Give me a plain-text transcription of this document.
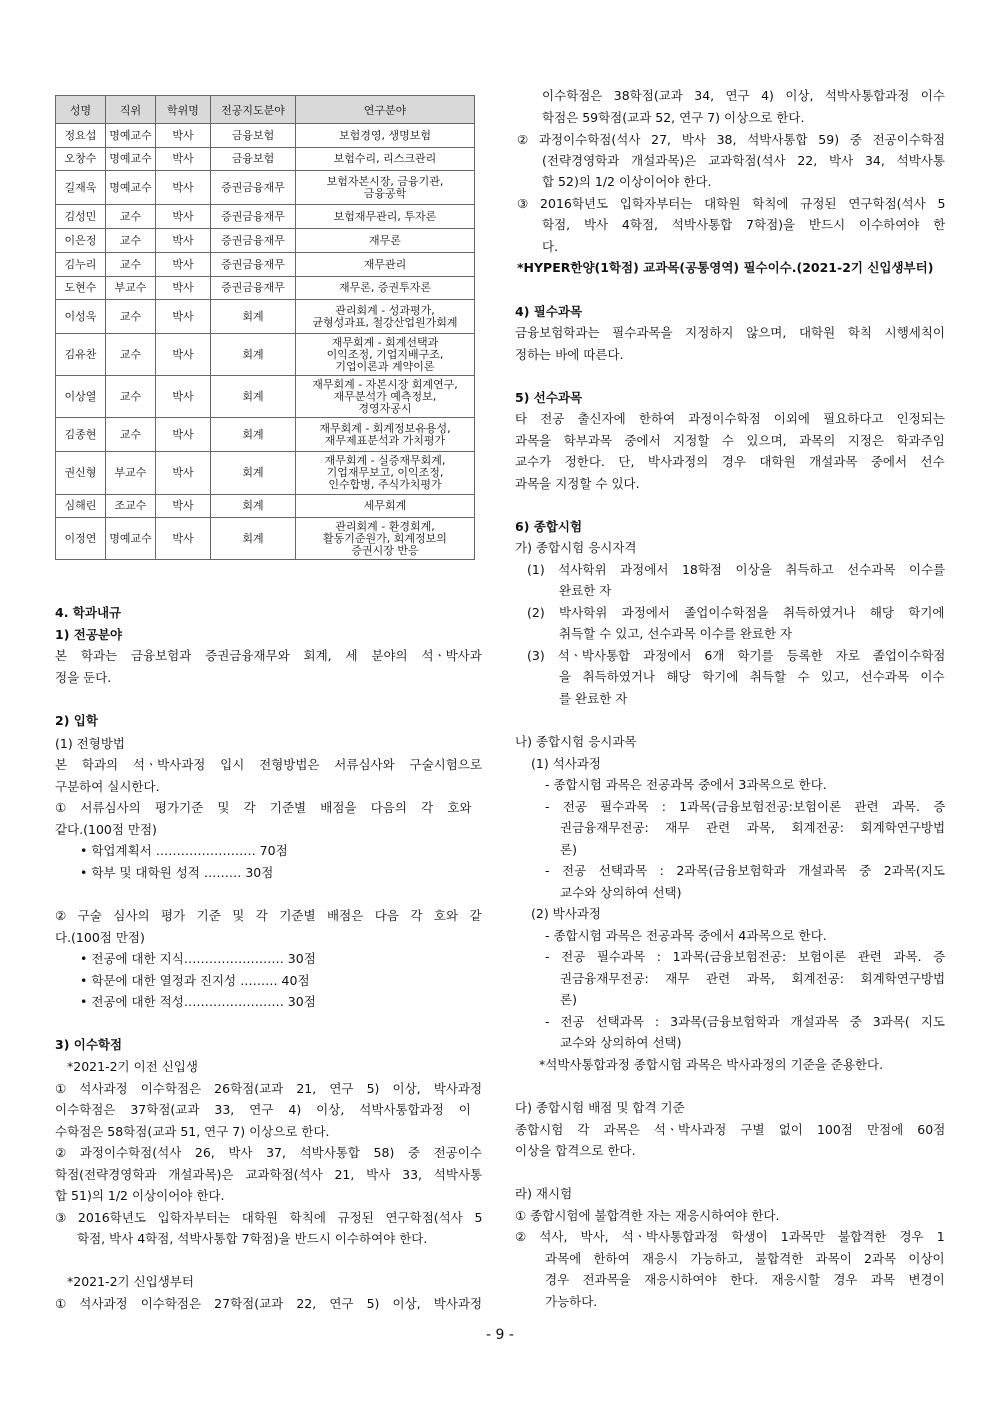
성명	직위	학위명	전공지도분야	연구분야
정요섭	명예교수	박사	금융보험	보험경영, 생명보험

오창수	명예교수	박사	금융보험	보험수리, 리스크관리

길재욱	명예교수	박사	증권금융재무	보험자본시장, 금융기관,
금융공학

김성민	교수	박사	증권금융재무	보험재무관리, 투자론

이은정	교수	박사	증권금융재무	재무론

김누리	교수	박사	증권금융재무	재무관리

도현수	부교수	박사	증권금융재무	재무론, 증권투자론

이성욱	교수	박사	회계	관리회계 - 성과평가,
균형성과표, 철강산업원가회계

김유찬	교수	박사	회계	재무회계 - 회계선택과
이익조정, 기업지배구조,
기업이론과 계약이론

이상열	교수	박사	회계	재무회계 - 자본시장 회계연구,
재무분석가 예측정보,
경영자공시

김종현	교수	박사	회계	재무회계 - 회계정보유용성,
재무제표분석과 가치평가

권신형	부교수	박사	회계	재무회계 - 실증재무회계,
기업재무보고, 이익조정,
인수합병, 주식가치평가

심해린	조교수	박사	회계	세무회계

이정연	명예교수	박사	회계	관리회계 - 환경회계,
활동기준원가, 회계정보의
증권시장 반응
4. 학과내규
1) 전공분야
본 학과는 금융보험과 증권금융재무와 회계, 세 분야의 석ㆍ박사과
정을 둔다.
2) 입학
(1) 전형방법
본 학과의 석ㆍ박사과정 입시 전형방법은 서류심사와 구술시험으로
구분하여 실시한다.
① 서류심사의 평가기준 및 각 기준별 배점을 다음의 각 호와
같다.(100점 만점)
• 학업계획서 …………………… 70점
• 학부 및 대학원 성적 ……… 30점
② 구술 심사의 평가 기준 및 각 기준별 배점은 다음 각 호와 같
다.(100점 만점)
• 전공에 대한 지식…………………… 30점
• 학문에 대한 열정과 진지성 ……… 40점
• 전공에 대한 적성…………………… 30점
3) 이수학점
*2021-2기 이전 신입생
① 석사과정 이수학점은 26학점(교과 21, 연구 5) 이상, 박사과정
이수학점은 37학점(교과 33, 연구 4) 이상, 석박사통합과정 이
수학점은 58학점(교과 51, 연구 7) 이상으로 한다.
② 과정이수학점(석사 26, 박사 37, 석박사통합 58) 중 전공이수
학점(전략경영학과 개설과목)은 교과학점(석사 21, 박사 33, 석박사통
합 51)의 1/2 이상이어야 한다.
③ 2016학년도 입학자부터는 대학원 학칙에 규정된 연구학점(석사 5
학점, 박사 4학점, 석박사통합 7학점)을 반드시 이수하여야 한다.
*2021-2기 신입생부터
① 석사과정 이수학점은 27학점(교과 22, 연구 5) 이상, 박사과정
이수학점은 38학점(교과 34, 연구 4) 이상, 석박사통합과정 이수
학점은 59학점(교과 52, 연구 7) 이상으로 한다.
② 과정이수학점(석사 27, 박사 38, 석박사통합 59) 중 전공이수학점
(전략경영학과 개설과목)은 교과학점(석사 22, 박사 34, 석박사통
합 52)의 1/2 이상이어야 한다.
③ 2016학년도 입학자부터는 대학원 학칙에 규정된 연구학점(석사 5
학점, 박사 4학점, 석박사통합 7학점)을 반드시 이수하여야 한
다.
*HYPER한양(1학점) 교과목(공통영역) 필수이수.(2021-2기 신입생부터)
4) 필수과목
금융보험학과는 필수과목을 지정하지 않으며, 대학원 학칙 시행세칙이
정하는 바에 따른다.
5) 선수과목
타 전공 출신자에 한하여 과정이수학점 이외에 필요하다고 인정되는
과목을 학부과목 중에서 지정할 수 있으며, 과목의 지정은 학과주임
교수가 정한다. 단, 박사과정의 경우 대학원 개설과목 중에서 선수
과목을 지정할 수 있다.
6) 종합시험
가) 종합시험 응시자격
(1) 석사학위 과정에서 18학점 이상을 취득하고 선수과목 이수를
완료한 자
(2) 박사학위 과정에서 졸업이수학점을 취득하였거나 해당 학기에
취득할 수 있고, 선수과목 이수를 완료한 자
(3) 석ㆍ박사통합 과정에서 6개 학기를 등록한 자로 졸업이수학점
을 취득하였거나 해당 학기에 취득할 수 있고, 선수과목 이수
를 완료한 자
나) 종합시험 응시과목
(1) 석사과정
- 종합시험 과목은 전공과목 중에서 3과목으로 한다.
- 전공 필수과목 : 1과목(금융보험전공:보험이론 관련 과목. 증
권금융재무전공: 재무 관련 과목, 회계전공: 회계학연구방법
론)
- 전공 선택과목 : 2과목(금융보험학과 개설과목 중 2과목(지도
교수와 상의하여 선택)
(2) 박사과정
- 종합시험 과목은 전공과목 중에서 4과목으로 한다.
- 전공 필수과목 : 1과목(금융보험전공: 보험이론 관련 과목. 증
권금융재무전공: 재무 관련 과목, 회계전공: 회계학연구방법
론)
- 전공 선택과목 : 3과목(금융보험학과 개설과목 중 3과목( 지도
교수와 상의하여 선택)
*석박사통합과정 종합시험 과목은 박사과정의 기준을 준용한다.
다) 종합시험 배점 및 합격 기준
종합시험 각 과목은 석ㆍ박사과정 구별 없이 100점 만점에 60점
이상을 합격으로 한다.
라) 재시험
① 종합시험에 불합격한 자는 재응시하여야 한다.
② 석사, 박사, 석ㆍ박사통합과정 학생이 1과목만 불합격한 경우 1
과목에 한하여 재응시 가능하고, 불합격한 과목이 2과목 이상이
경우 전과목을 재응시하여야 한다. 재응시할 경우 과목 변경이
가능하다.
- 9 -
